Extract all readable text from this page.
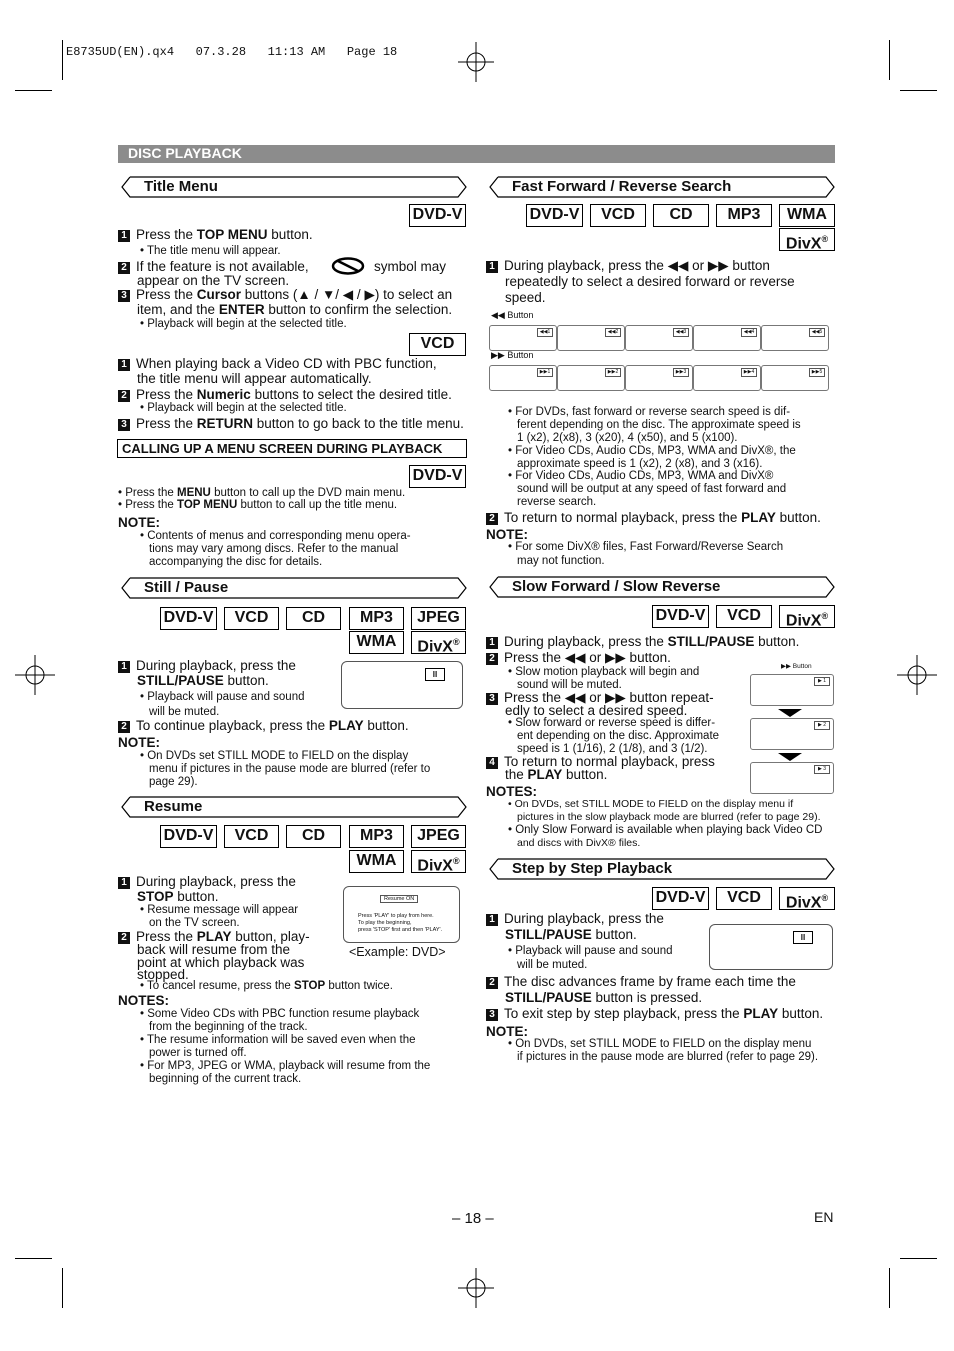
E8735UD(EN).qx4   07.3.28   11:13 AM   Page 18
DISC PLAYBACK
Title Menu
DVD-V
1 Press the TOP MENU button.
• The title menu will appear.
2 If the feature is not available,	symbol may
appear on the TV screen.
3 Press the Cursor buttons (▲ / ▼/ ◀ / ▶) to select an
item, and the ENTER button to confirm the selection.
• Playback will begin at the selected title.
VCD
1 When playing back a Video CD with PBC function,
the title menu will appear automatically.
2 Press the Numeric buttons to select the desired title.
• Playback will begin at the selected title.
3 Press the RETURN button to go back to the title menu.
CALLING UP A MENU SCREEN DURING PLAYBACK
DVD-V
• Press the MENU button to call up the DVD main menu.
• Press the TOP MENU button to call up the title menu.
NOTE:
• Contents of menus and corresponding menu opera-
tions may vary among discs. Refer to the manual
accompanying the disc for details.
Still / Pause
DVD-V	VCD	CD	MP3	JPEG
WMA	DivX®
1 During playback, press the
STILL/PAUSE button.
• Playback will pause and sound
will be muted.
II
2 To continue playback, press the PLAY button.
NOTE:
• On DVDs set STILL MODE to FIELD on the display
menu if pictures in the pause mode are blurred (refer to
page 29).
Resume
DVD-V	VCD	CD	MP3	JPEG
WMA	DivX®
1 During playback, press the
STOP button.
• Resume message will appear
on the TV screen.
2 Press the PLAY button, play-
back will resume from the
point at which playback was
stopped.
Resume ON
Press 'PLAY' to play from here.
To play the beginning,
press 'STOP' first and then 'PLAY'.
<Example: DVD>
• To cancel resume, press the STOP button twice.
NOTES:
• Some Video CDs with PBC function resume playback
from the beginning of the track.
• The resume information will be saved even when the
power is turned off.
• For MP3, JPEG or WMA, playback will resume from the
beginning of the current track.
Fast Forward / Reverse Search
DVD-V	VCD	CD	MP3	WMA
DivX®
1 During playback, press the ◀◀ or ▶▶ button
repeatedly to select a desired forward or reverse
speed.
◀◀ Button
◀◀1	◀◀2	◀◀3	◀◀4	◀◀5
▶▶ Button
▶▶1	▶▶2	▶▶3	▶▶4	▶▶5
• For DVDs, fast forward or reverse search speed is dif-
ferent depending on the disc. The approximate speed is
1 (x2), 2(x8), 3 (x20), 4 (x50), and 5 (x100).
• For Video CDs, Audio CDs, MP3, WMA and DivX®, the
approximate speed is 1 (x2), 2 (x8), and 3 (x16).
• For Video CDs, Audio CDs, MP3, WMA and DivX®
sound will be output at any speed of fast forward and
reverse search.
2 To return to normal playback, press the PLAY button.
NOTE:
• For some DivX® files, Fast Forward/Reverse Search
may not function.
Slow Forward / Slow Reverse
DVD-V	VCD	DivX®
1 During playback, press the STILL/PAUSE button.
2 Press the ◀◀ or ▶▶ button.
• Slow motion playback will begin and
sound will be muted.
3 Press the ◀◀ or ▶▶ button repeat-
edly to select a desired speed.
• Slow forward or reverse speed is differ-
ent depending on the disc. Approximate
speed is 1 (1/16), 2 (1/8), and 3 (1/2).
4 To return to normal playback, press
the PLAY button.
▶▶ Button
▶ 1
▶ 2
▶ 3
NOTES:
• On DVDs, set STILL MODE to FIELD on the display menu if
pictures in the slow playback mode are blurred (refer to page 29).
• Only Slow Forward is available when playing back Video CD
and discs with DivX® files.
Step by Step Playback
DVD-V	VCD	DivX®
1 During playback, press the
STILL/PAUSE button.
• Playback will pause and sound
will be muted.
II
2 The disc advances frame by frame each time the
STILL/PAUSE button is pressed.
3 To exit step by step playback, press the PLAY button.
NOTE:
• On DVDs, set STILL MODE to FIELD on the display menu
if pictures in the pause mode are blurred (refer to page 29).
– 18 –	EN
